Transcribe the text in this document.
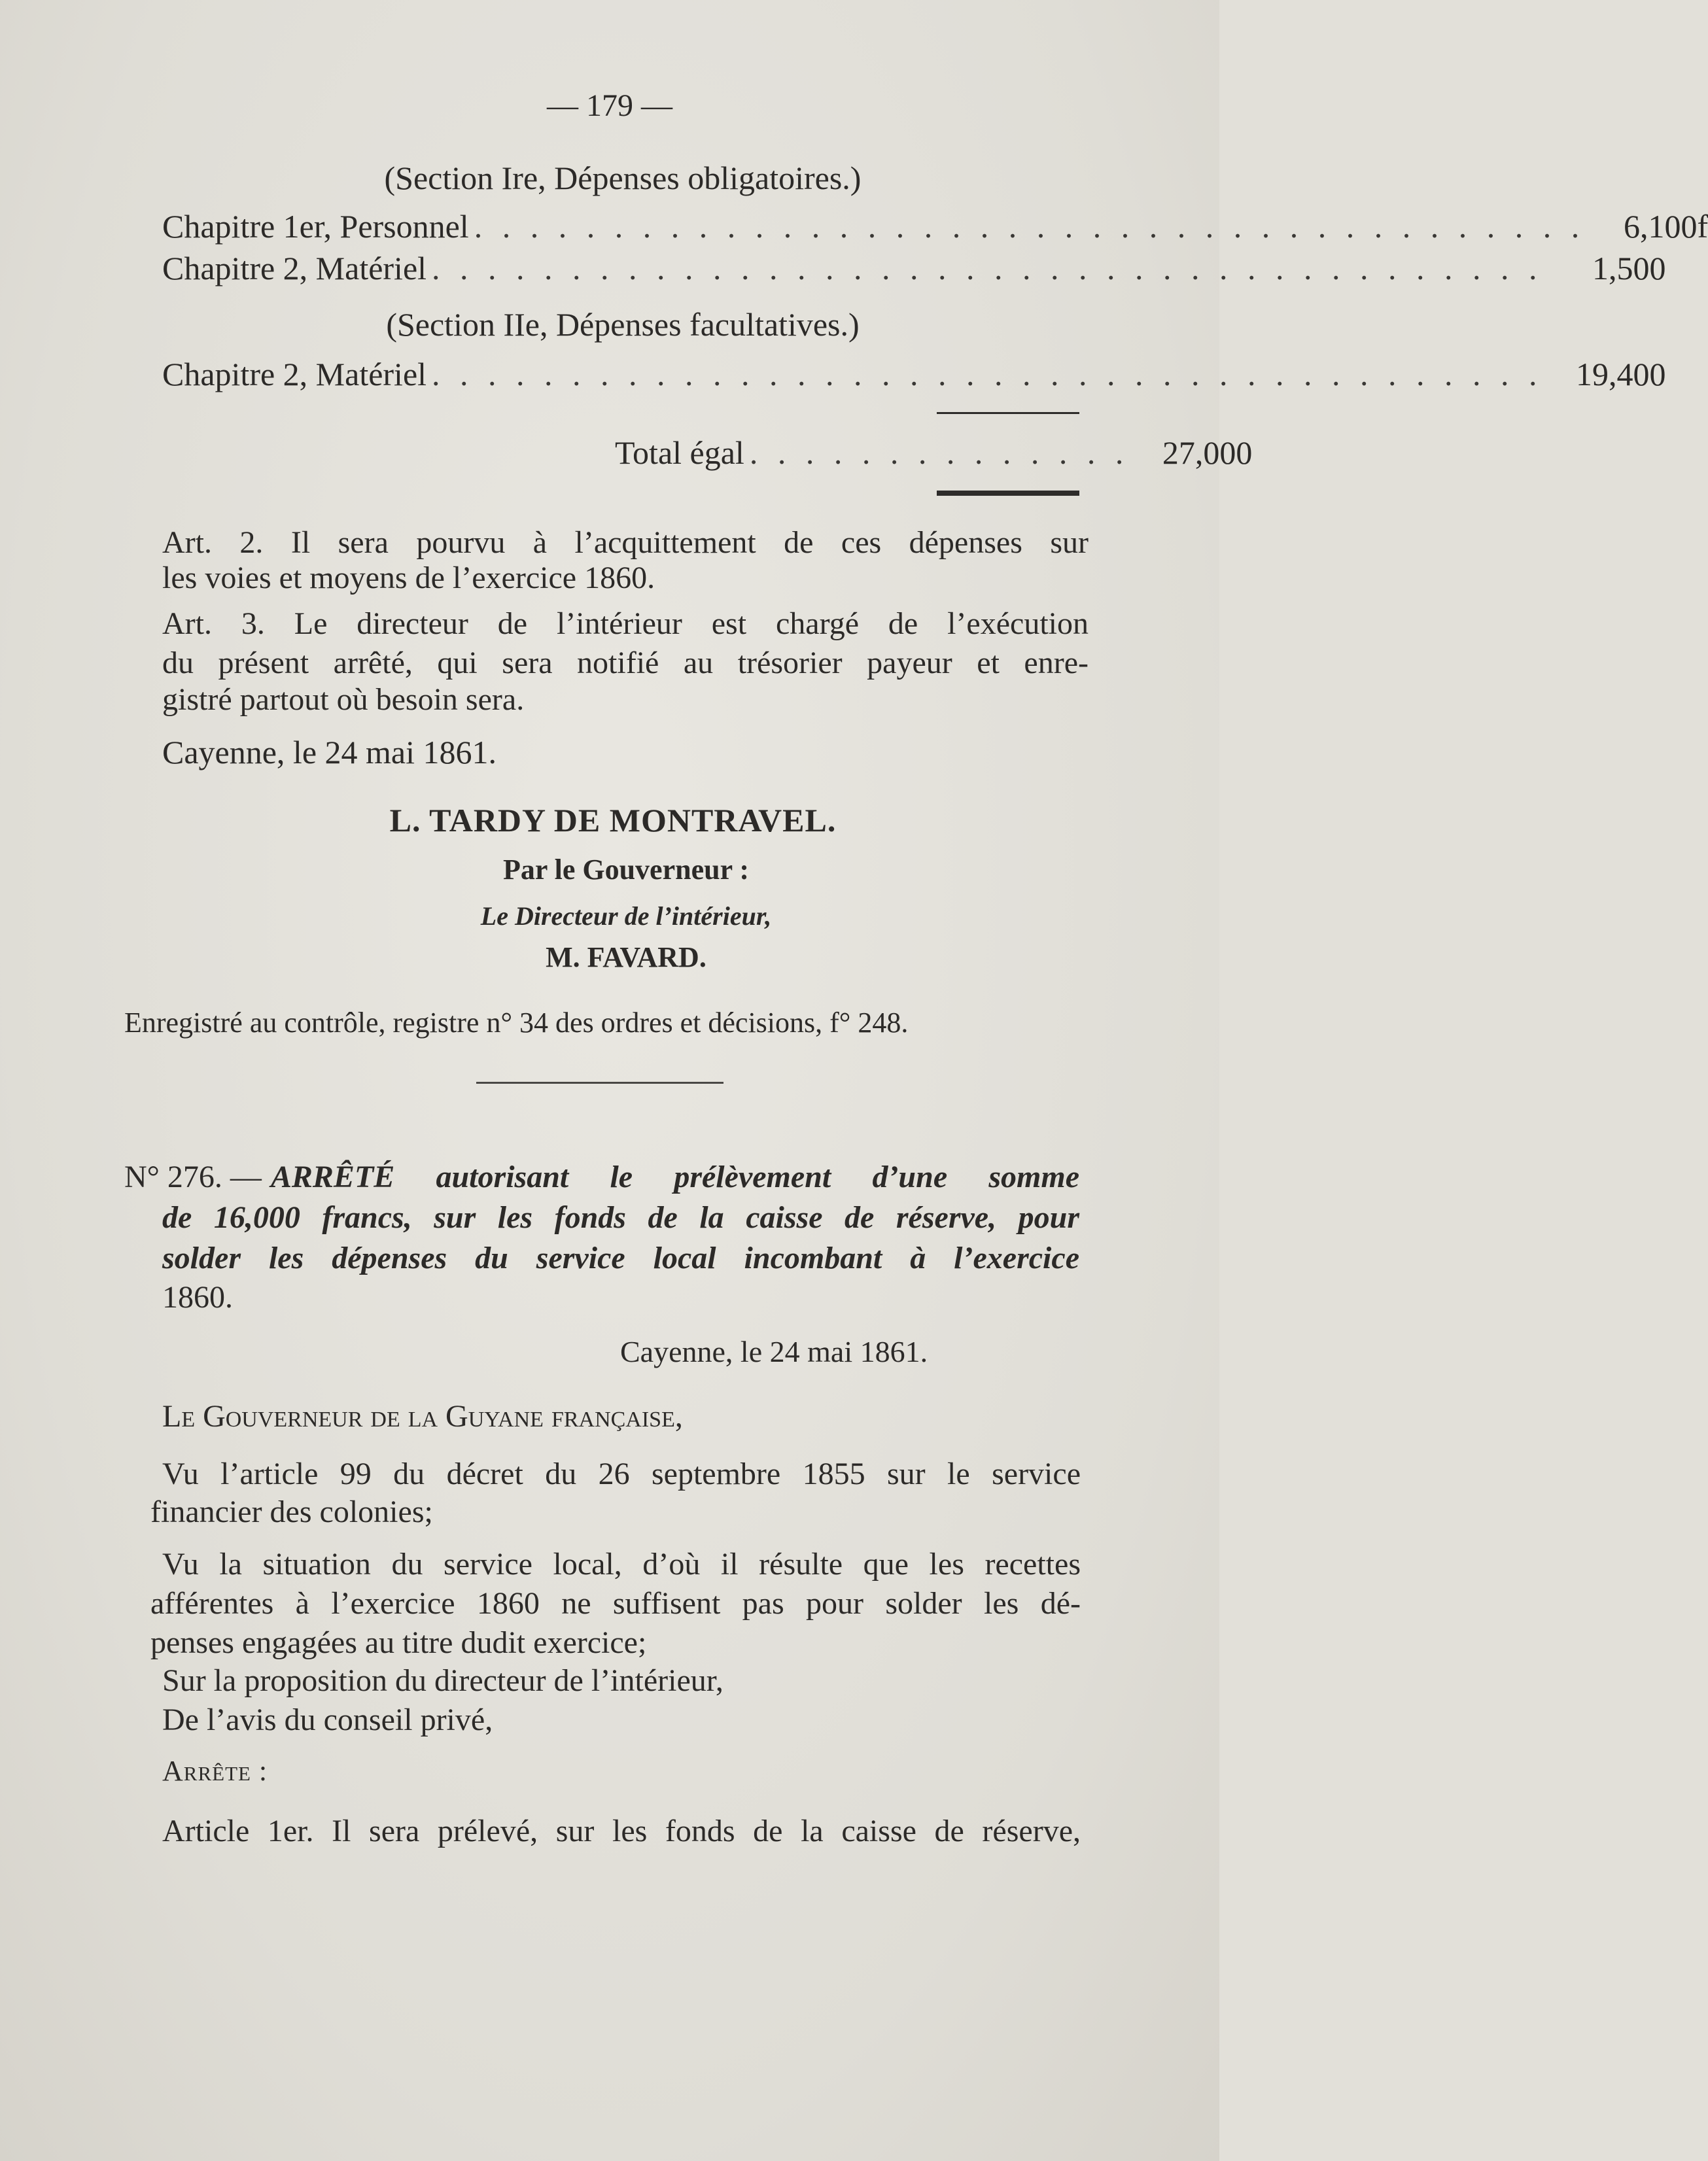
— 179 —
(Section Ire, Dépenses obligatoires.)
Chapitre 1er, Personnel . . . . . . . . . . . . . . . . . . . . . . . . . . . . . . . . . . . . . . . .	6,100f
Chapitre 2, Matériel . . . . . . . . . . . . . . . . . . . . . . . . . . . . . . . . . . . . . . . .	1,500
(Section IIe, Dépenses facultatives.)
Chapitre 2, Matériel . . . . . . . . . . . . . . . . . . . . . . . . . . . . . . . . . . . . . . . .	19,400
Total égal . . . . . . . . . . . . . .	27,000
Art. 2. Il sera pourvu à l’acquittement de ces dépenses sur
les voies et moyens de l’exercice 1860.
Art. 3. Le directeur de l’intérieur est chargé de l’exécution
du présent arrêté, qui sera notifié au trésorier payeur et enre-
gistré partout où besoin sera.
Cayenne, le 24 mai 1861.
L. TARDY DE MONTRAVEL.
Par le Gouverneur :
Le Directeur de l’intérieur,
M. FAVARD.
Enregistré au contrôle, registre n° 34 des ordres et décisions, f° 248.
N° 276. — ARRÊTÉ autorisant le prélèvement d’une somme
de 16,000 francs, sur les fonds de la caisse de réserve, pour
solder les dépenses du service local incombant à l’exercice
1860.
Cayenne, le 24 mai 1861.
Le Gouverneur de la Guyane française,
Vu l’article 99 du décret du 26 septembre 1855 sur le service
financier des colonies;
Vu la situation du service local, d’où il résulte que les recettes
afférentes à l’exercice 1860 ne suffisent pas pour solder les dé-
penses engagées au titre dudit exercice;
Sur la proposition du directeur de l’intérieur,
De l’avis du conseil privé,
Arrête :
Article 1er. Il sera prélevé, sur les fonds de la caisse de réserve,
